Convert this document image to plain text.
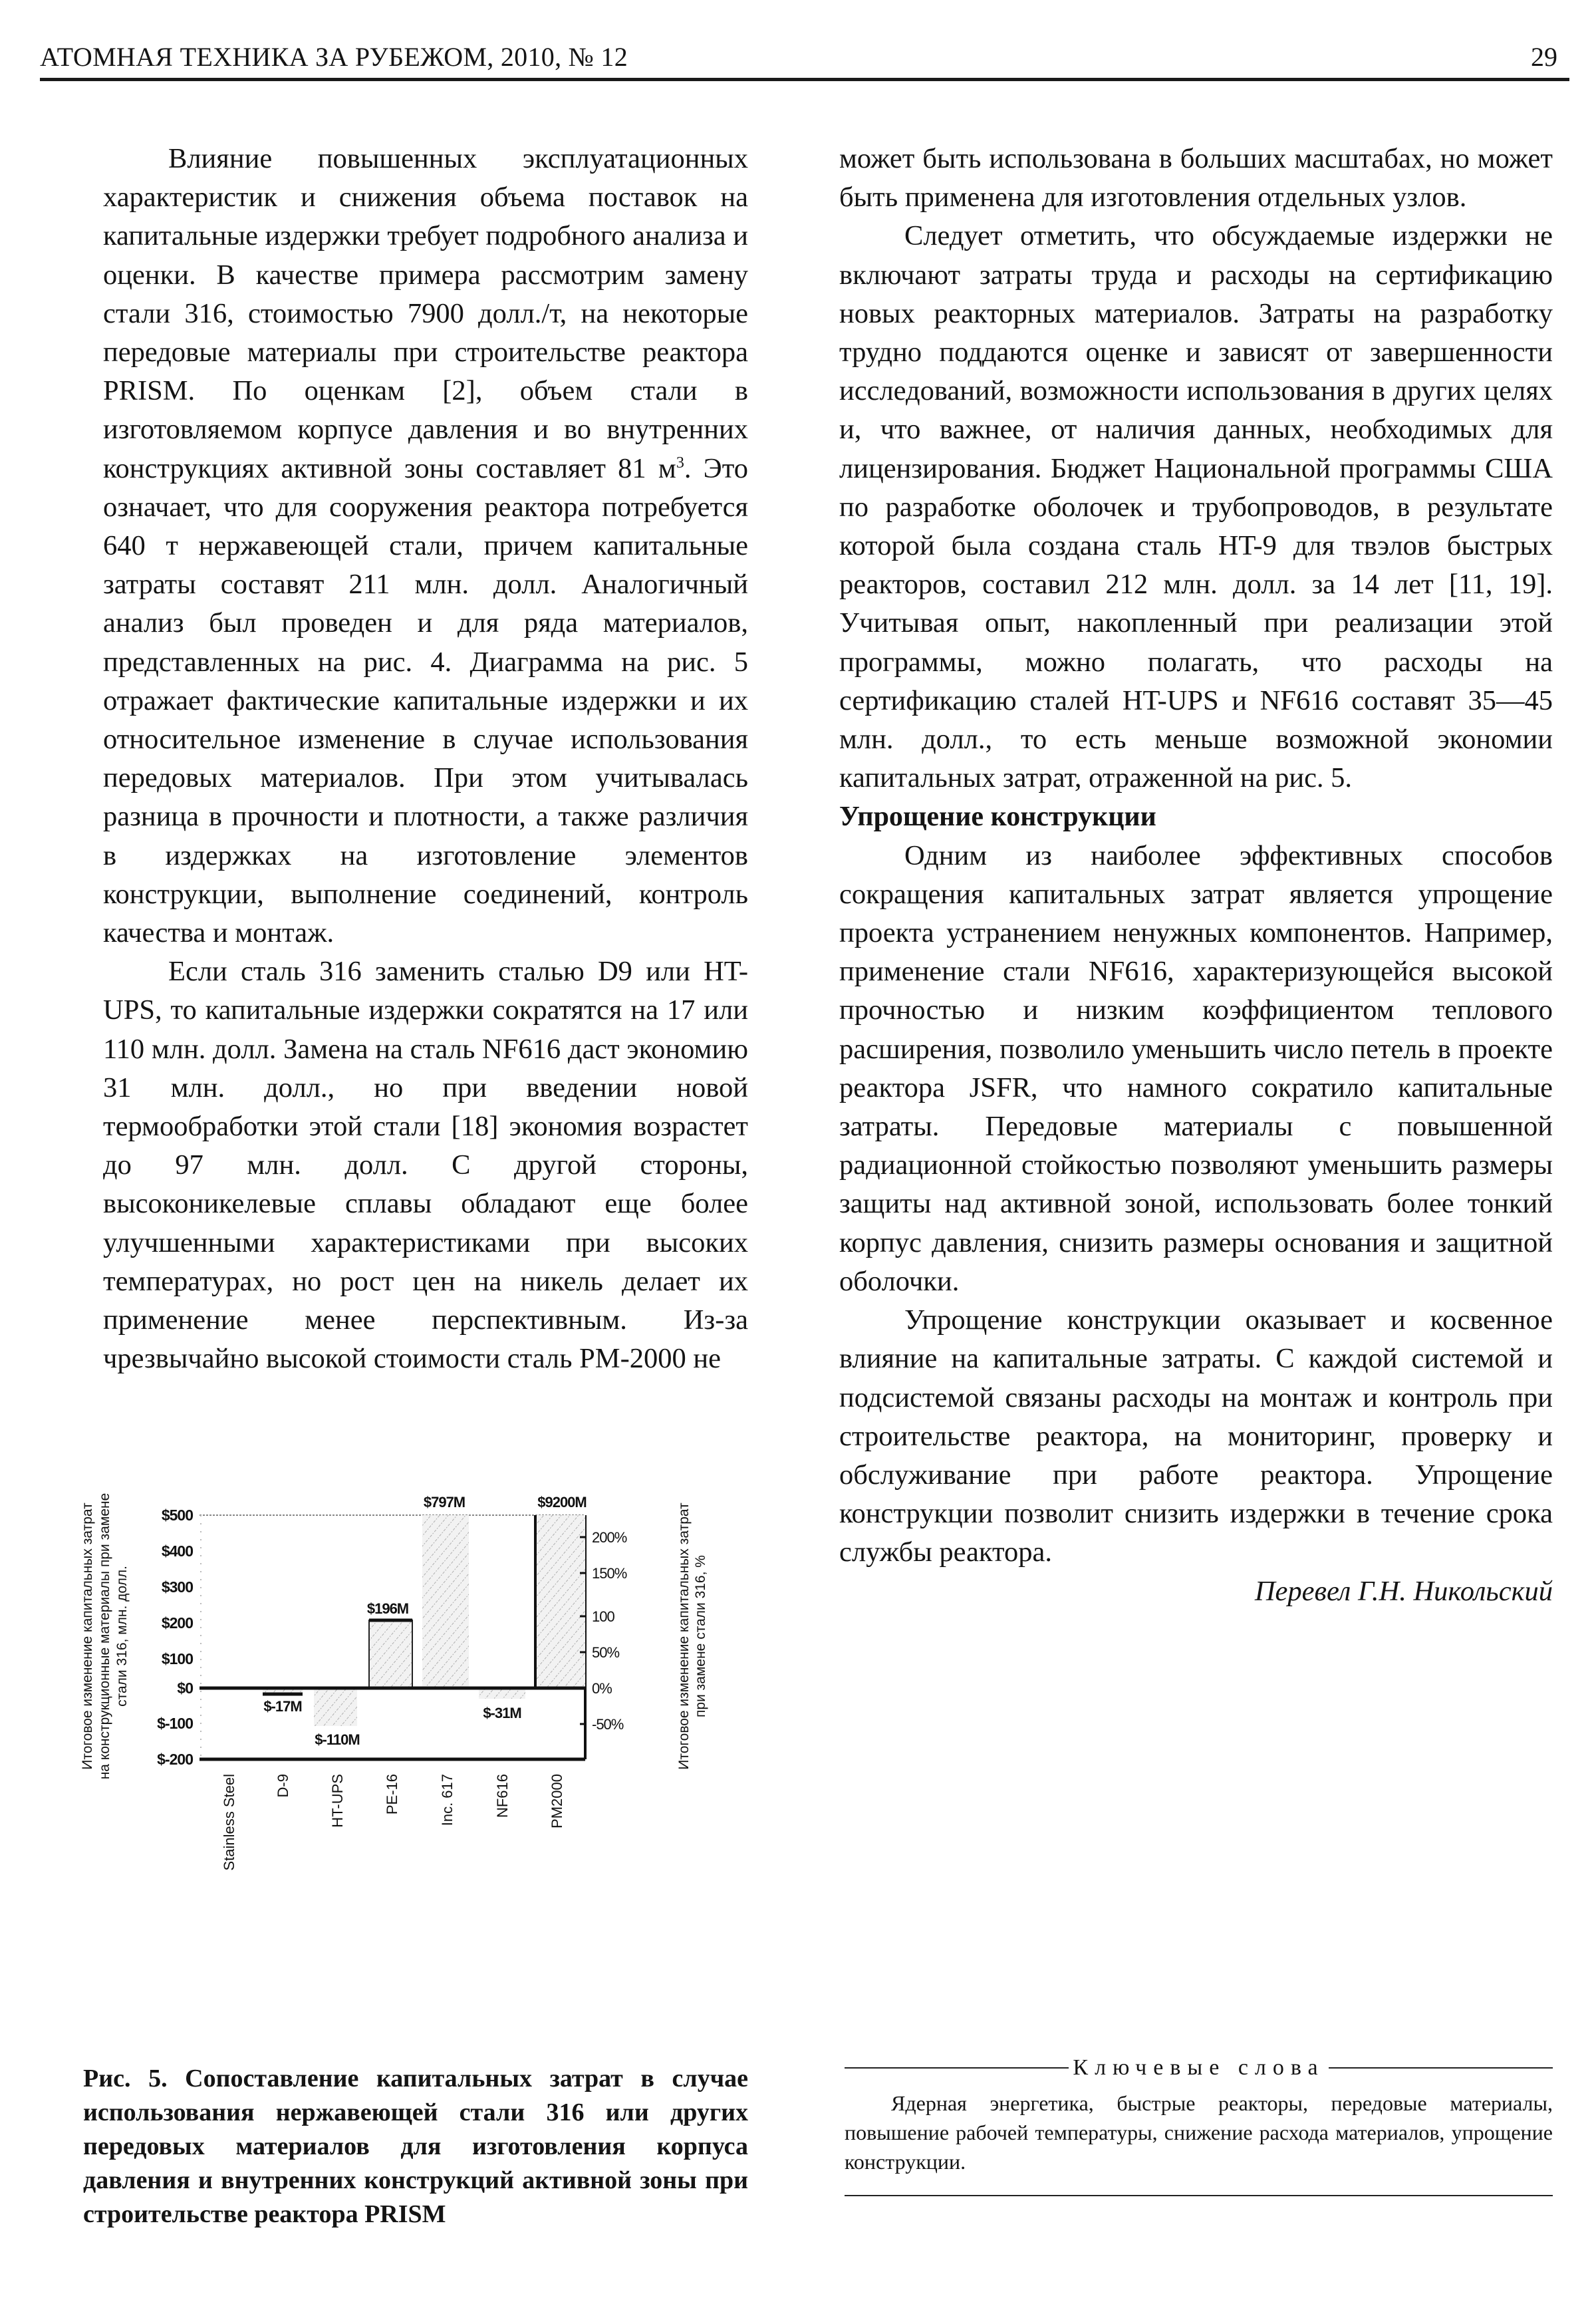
АТОМНАЯ ТЕХНИКА ЗА РУБЕЖОМ, 2010, № 12	29

Влияние повышенных эксплуатационных характеристик и снижения объема поставок на капитальные издержки требует подробного анализа и оценки. В качестве примера рассмотрим замену стали 316, стоимостью 7900 долл./т, на некоторые передовые материалы при строительстве реактора PRISM. По оценкам [2], объем стали в изготовляемом корпусе давления и во внутренних конструкциях активной зоны составляет 81 $м^3$. Это означает, что для сооружения реактора потребуется 640 т нержавеющей стали, причем капитальные затраты составят 211 млн. долл. Аналогичный анализ был проведен и для ряда материалов, представленных на рис. 4. Диаграмма на рис. 5 отражает фактические капитальные издержки и их относительное изменение в случае использования передовых материалов. При этом учитывалась разница в прочности и плотности, а также различия в издержках на изготовление элементов конструкции, выполнение соединений, контроль качества и монтаж.

Если сталь 316 заменить сталью D9 или HT-UPS, то капитальные издержки сократятся на 17 или 110 млн. долл. Замена на сталь NF616 даст экономию 31 млн. долл., но при введении новой термообработки этой стали [18] экономия возрастет до 97 млн. долл. С другой стороны, высоконикелевые сплавы обладают еще более улучшенными характеристиками при высоких температурах, но рост цен на никель делает их применение менее перспективным. Из-за чрезвычайно высокой стоимости сталь PM-2000 не

$500
$400
$300
$200
$100
$0
$-100
$-200
200%
150%
100
50%
0%
-50%
$-17M
$-110M
$196M
$797M
$-31M
$9200M
Stainless Steel	D-9	HT-UPS	PE-16	Inc. 617	NF616	PM2000
Итоговое изменение капитальных затрат на конструкционные материалы при замене стали 316, млн. долл.	Итоговое изменение капитальных затрат при замене стали 316, %
Рис. 5. Сопоставление капитальных затрат в случае использования нержавеющей стали 316 или других передовых материалов для изготовления корпуса давления и внутренних конструкций активной зоны при строительстве реактора PRISM

может быть использована в больших масштабах, но может быть применена для изготовления отдельных узлов.

Следует отметить, что обсуждаемые издержки не включают затраты труда и расходы на сертификацию новых реакторных материалов. Затраты на разработку трудно поддаются оценке и зависят от завершенности исследований, возможности использования в других целях и, что важнее, от наличия данных, необходимых для лицензирования. Бюджет Национальной программы США по разработке оболочек и трубопроводов, в результате которой была создана сталь HT-9 для твэлов быстрых реакторов, составил 212 млн. долл. за 14 лет [11, 19]. Учитывая опыт, накопленный при реализации этой программы, можно полагать, что расходы на сертификацию сталей HT-UPS и NF616 составят 35—45 млн. долл., то есть меньше возможной экономии капитальных затрат, отраженной на рис. 5.

Упрощение конструкции

Одним из наиболее эффективных способов сокращения капитальных затрат является упрощение проекта устранением ненужных компонентов. Например, применение стали NF616, характеризующейся высокой прочностью и низким коэффициентом теплового расширения, позволило уменьшить число петель в проекте реактора JSFR, что намного сократило капитальные затраты. Передовые материалы с повышенной радиационной стойкостью позволяют уменьшить размеры защиты над активной зоной, использовать более тонкий корпус давления, снизить размеры основания и защитной оболочки.

Упрощение конструкции оказывает и косвенное влияние на капитальные затраты. С каждой системой и подсистемой связаны расходы на монтаж и контроль при строительстве реактора, на мониторинг, проверку и обслуживание при работе реактора. Упрощение конструкции позволит снизить издержки в течение срока службы реактора.

Перевел Г.Н. Никольский

Ключевые слова
Ядерная энергетика, быстрые реакторы, передовые материалы, повышение рабочей температуры, снижение расхода материалов, упрощение конструкции.
